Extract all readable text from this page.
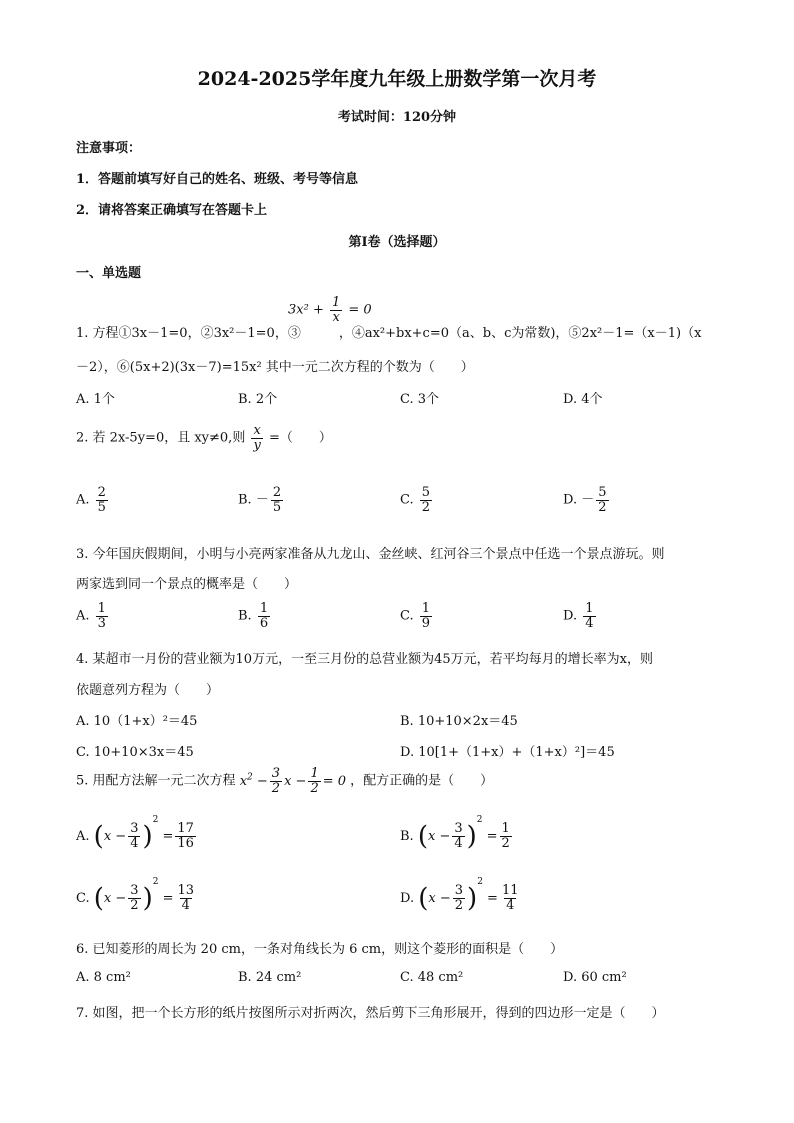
2024-2025学年度九年级上册数学第一次月考
考试时间：120分钟
注意事项：
1．答题前填写好自己的姓名、班级、考号等信息
2．请将答案正确填写在答题卡上
第Ⅰ卷（选择题）
一、单选题
$3x^2 + \frac{1}{x} = 0$
1. 方程①3x－1=0，②3x²－1=0，③	，④ax²+bx+c=0（a、b、c为常数)，⑤2x²－1=（x－1)（x
－2），⑥(5x+2)(3x－7)=15x² 其中一元二次方程的个数为（　　）
A. 1个	B. 2个	C. 3个	D. 4个
2. 若 2x-5y=0，且 xy≠0,则 $\frac{x}{y}$ =（　　）
A. $\frac{2}{5}$	B. － $\frac{2}{5}$	C. $\frac{5}{2}$	D. － $\frac{5}{2}$
3. 今年国庆假期间，小明与小亮两家准备从九龙山、金丝峡、红河谷三个景点中任选一个景点游玩。则
两家选到同一个景点的概率是（　　）
A. $\frac{1}{3}$	B. $\frac{1}{6}$	C. $\frac{1}{9}$	D. $\frac{1}{4}$
4. 某超市一月份的营业额为10万元，一至三月份的总营业额为45万元，若平均每月的增长率为x，则
依题意列方程为（　　）
A. 10（1+x）²＝45	B. 10+10×2x＝45
C. 10+10×3x＝45	D. 10[1+（1+x）+（1+x）²]＝45
5. 用配方法解一元二次方程 $x^2 - \frac{3}{2}$ $x - \frac{1}{2} = 0$ ，配方正确的是（　　）
A. $(x - \frac{3}{4} )^2 = \frac{17}{16}$	B. $(x - \frac{3}{4} )^2 = \frac{1}{2}$
C. $(x - \frac{3}{2} )^2 = \frac{13}{4}$	D. $(x - \frac{3}{2} )^2 = \frac{11}{4}$
6. 已知菱形的周长为 20 cm，一条对角线长为 6 cm，则这个菱形的面积是（　　）
A. 8 cm²	B. 24 cm²	C. 48 cm²	D. 60 cm²
7. 如图，把一个长方形的纸片按图所示对折两次，然后剪下三角形展开，得到的四边形一定是（　　）
